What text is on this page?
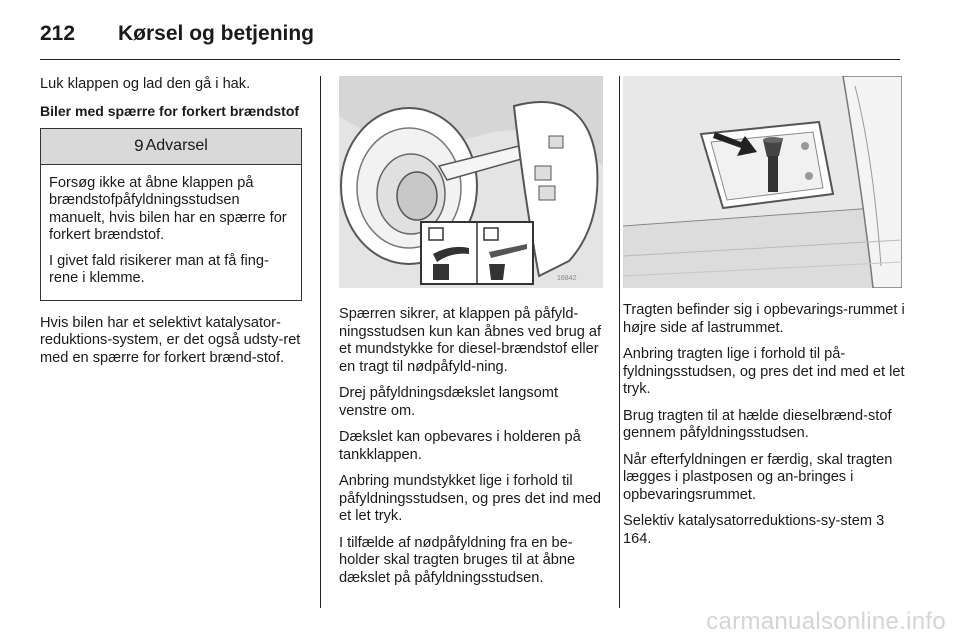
212 Kørsel og betjening

Luk klappen og lad den gå i hak.

Biler med spærre for forkert brændstof
9 Advarsel

Forsøg ikke at åbne klappen på brændstofpåfyldningsstudsen manuelt, hvis bilen har en spærre for forkert brændstof.

I givet fald risikerer man at få fing-rene i klemme.

Hvis bilen har et selektivt katalysator-reduktions-system, er det også udsty-ret med en spærre for forkert brænd-stof.

16842

Spærren sikrer, at klappen på påfyld-ningsstudsen kun kan åbnes ved brug af et mundstykke for diesel-brændstof eller en tragt til nødpåfyld-ning.

Drej påfyldningsdækslet langsomt venstre om.

Dækslet kan opbevares i holderen på tankklappen.

Anbring mundstykket lige i forhold til påfyldningsstudsen, og pres det ind med et let tryk.

I tilfælde af nødpåfyldning fra en be-holder skal tragten bruges til at åbne dækslet på påfyldningsstudsen.

Tragten befinder sig i opbevarings-rummet i højre side af lastrummet.

Anbring tragten lige i forhold til på-fyldningsstudsen, og pres det ind med et let tryk.

Brug tragten til at hælde dieselbrænd-stof gennem påfyldningsstudsen.

Når efterfyldningen er færdig, skal tragten lægges i plastposen og an-bringes i opbevaringsrummet.

Selektiv katalysatorreduktions-sy-stem 3 164.

carmanualsonline.info
